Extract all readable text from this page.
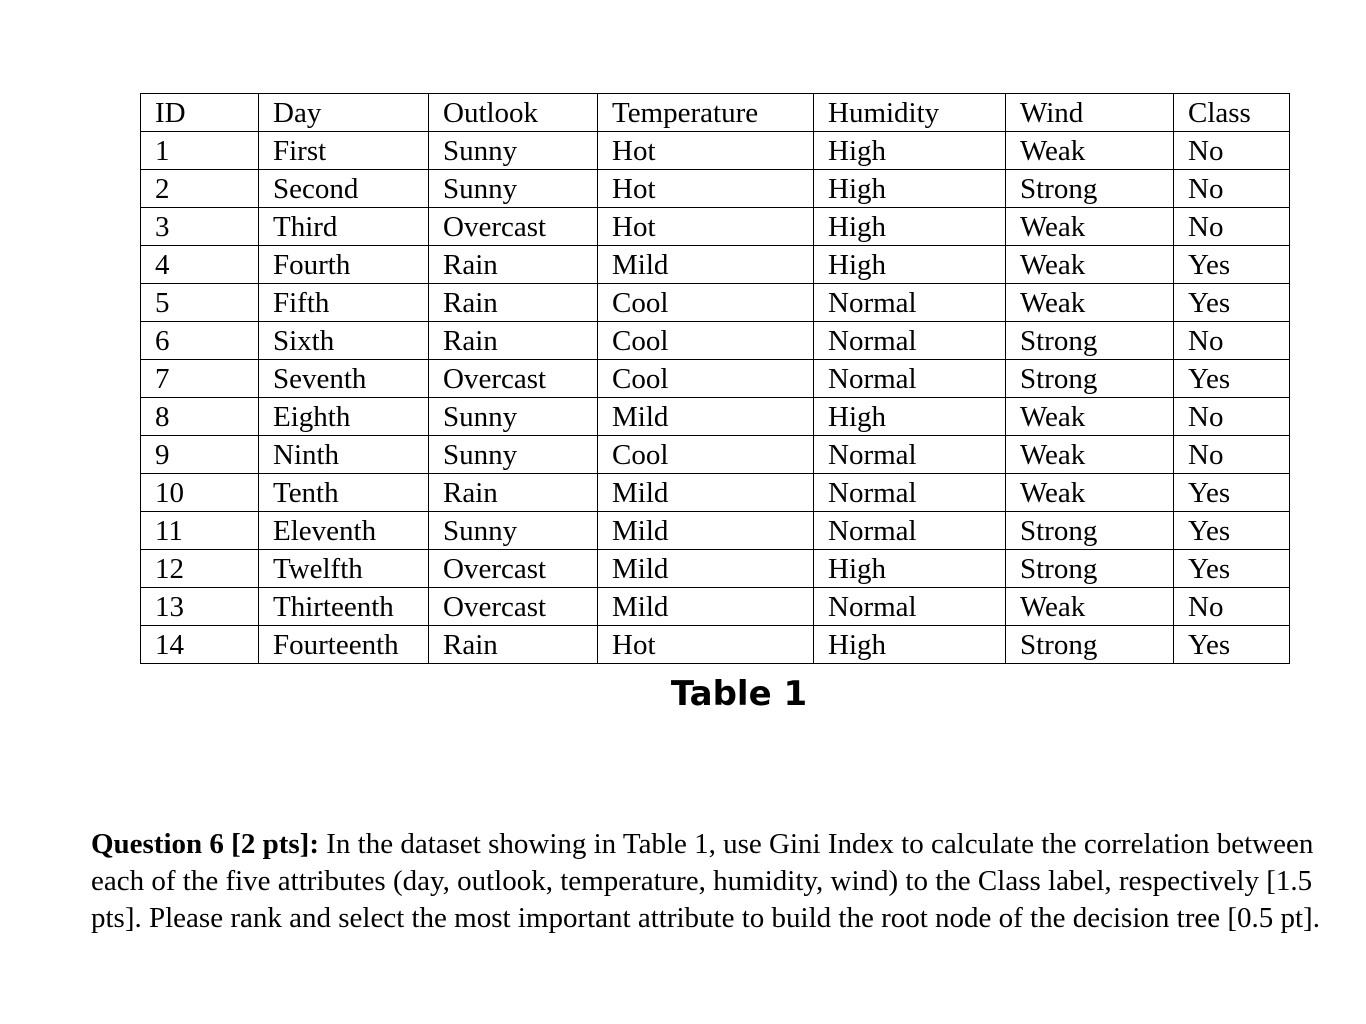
ID	Day	Outlook	Temperature	Humidity	Wind	Class
1	First	Sunny	Hot	High	Weak	No
2	Second	Sunny	Hot	High	Strong	No
3	Third	Overcast	Hot	High	Weak	No
4	Fourth	Rain	Mild	High	Weak	Yes
5	Fifth	Rain	Cool	Normal	Weak	Yes
6	Sixth	Rain	Cool	Normal	Strong	No
7	Seventh	Overcast	Cool	Normal	Strong	Yes
8	Eighth	Sunny	Mild	High	Weak	No
9	Ninth	Sunny	Cool	Normal	Weak	No
10	Tenth	Rain	Mild	Normal	Weak	Yes
11	Eleventh	Sunny	Mild	Normal	Strong	Yes
12	Twelfth	Overcast	Mild	High	Strong	Yes
13	Thirteenth	Overcast	Mild	Normal	Weak	No
14	Fourteenth	Rain	Hot	High	Strong	Yes
Table 1

Question 6 [2 pts]: In the dataset showing in Table 1, use Gini Index to calculate the correlation between each of the five attributes (day, outlook, temperature, humidity, wind) to the Class label, respectively [1.5 pts]. Please rank and select the most important attribute to build the root node of the decision tree [0.5 pt].
